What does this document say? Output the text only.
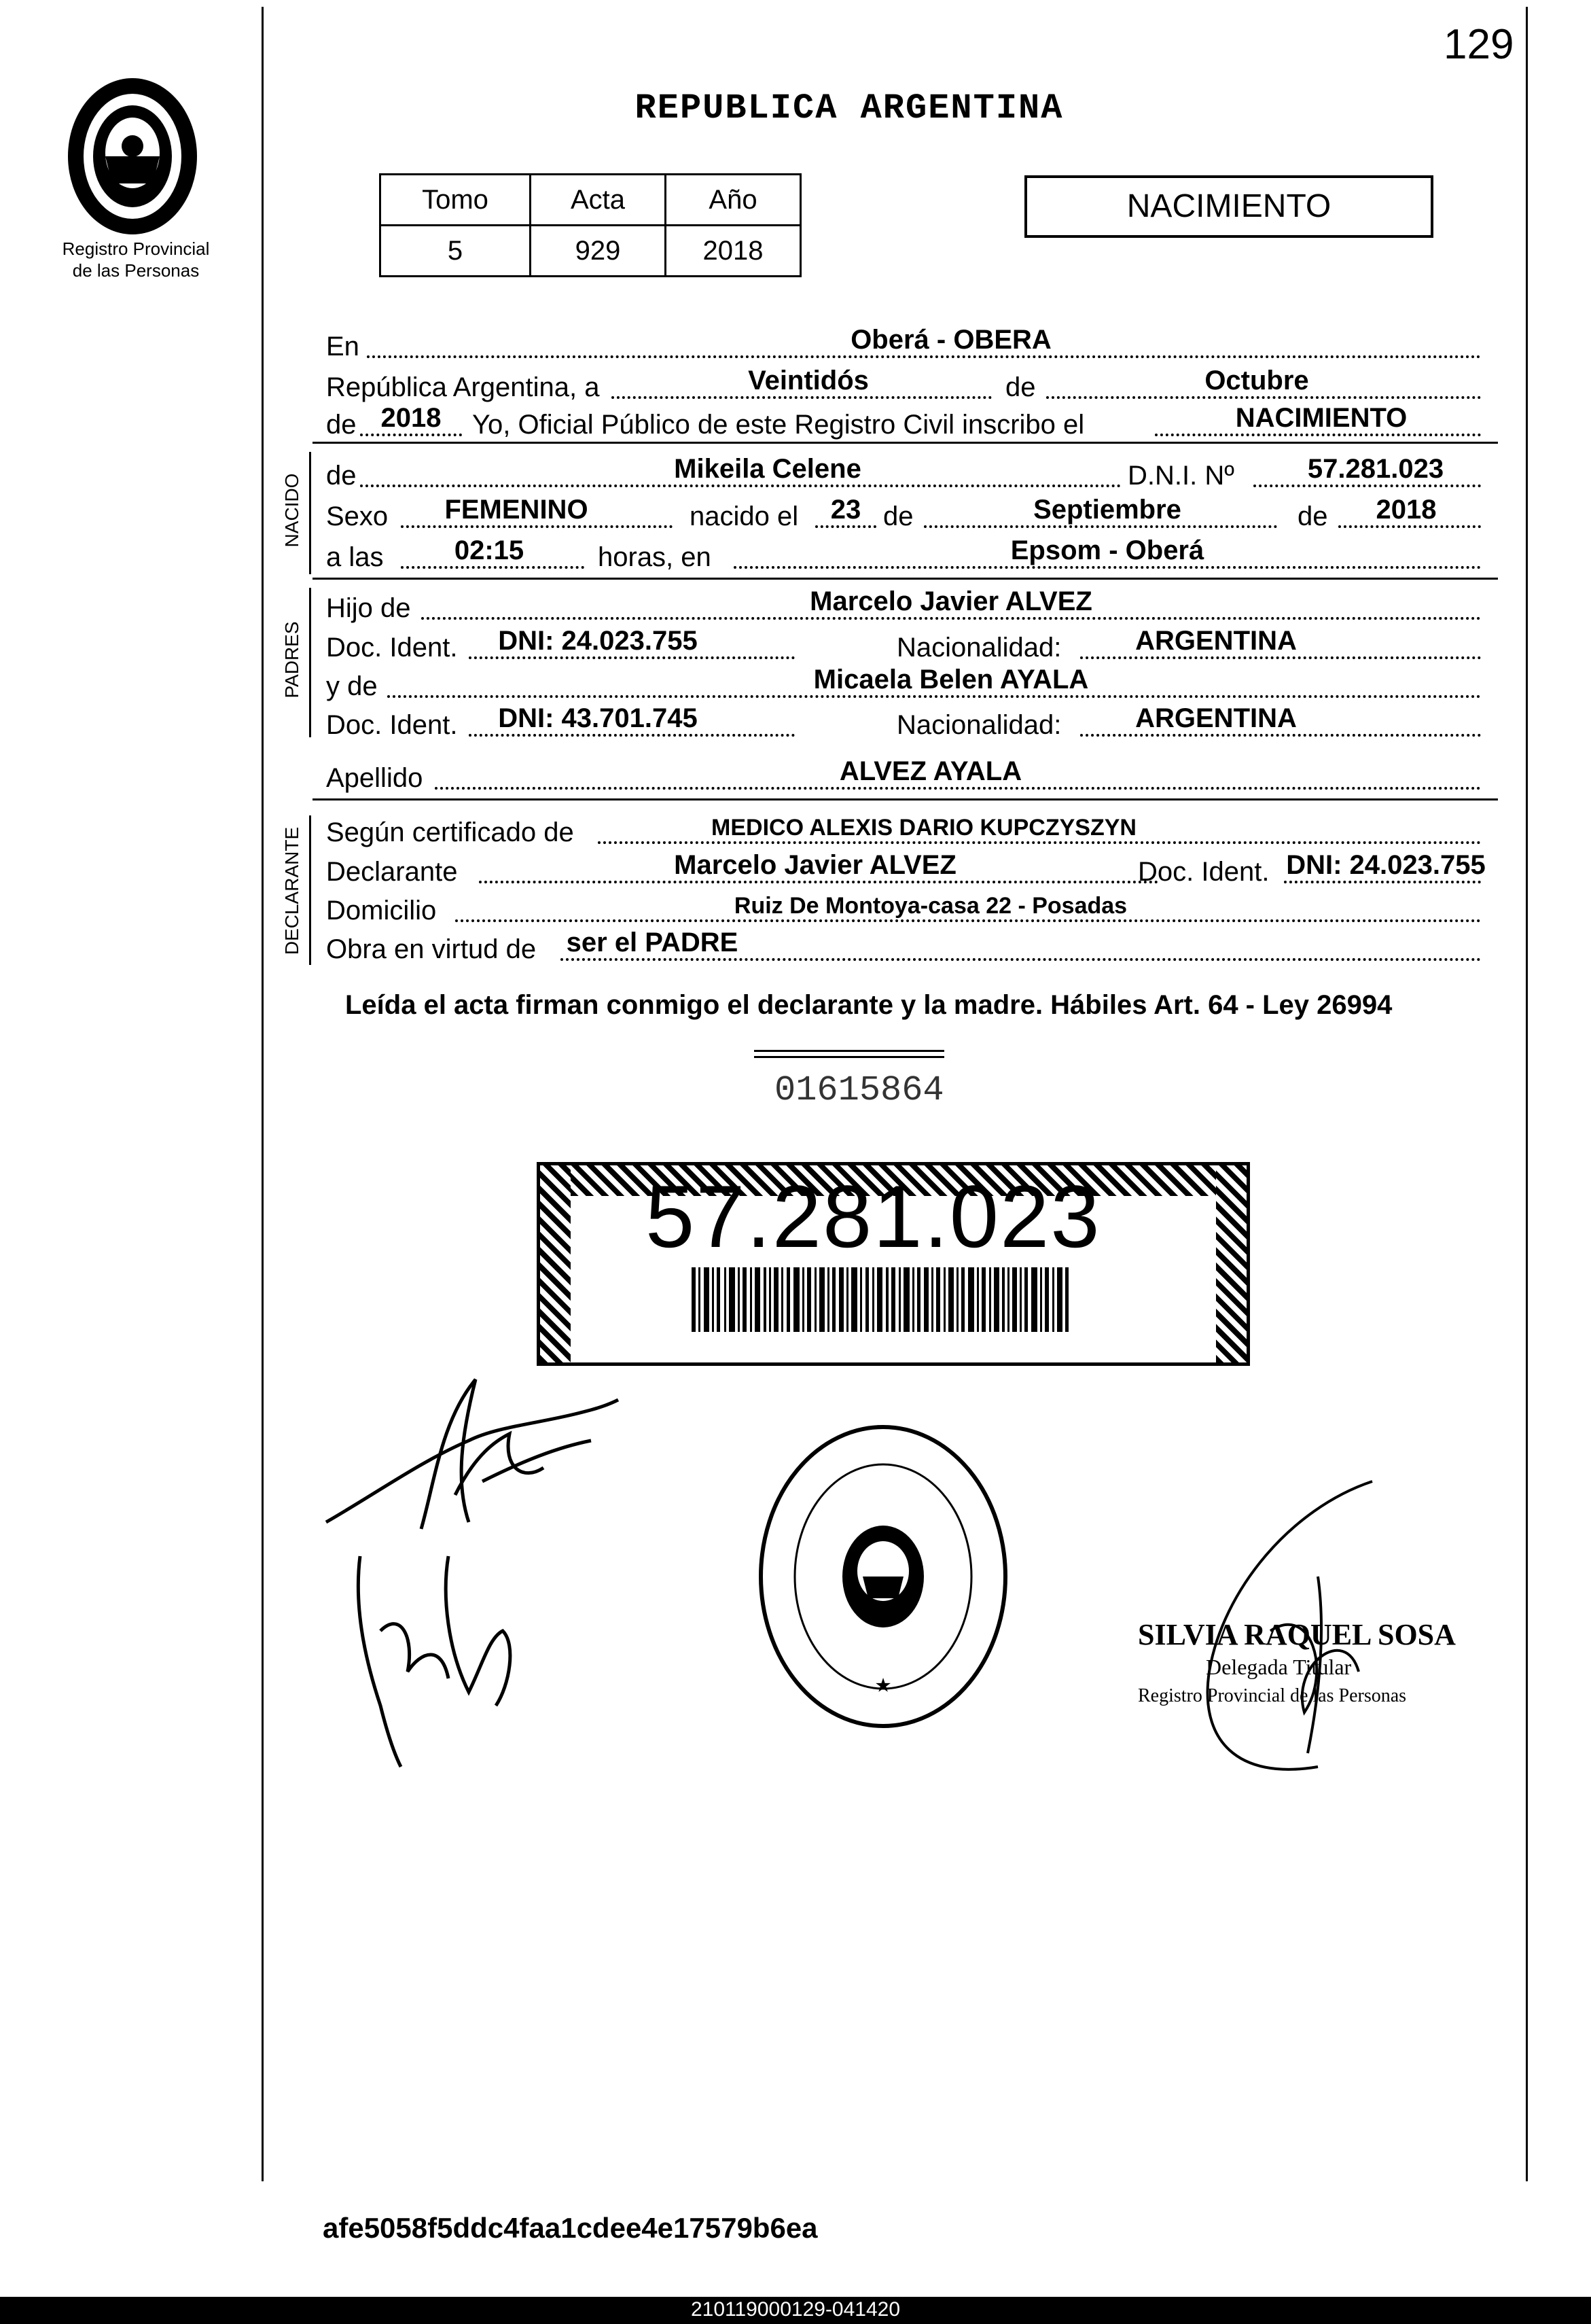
129
Registro Provincial
de las Personas
REPUBLICA ARGENTINA
Tomo	Acta	Año
5	929	2018
NACIMIENTO
En	Oberá - OBERA
República Argentina, a	Veintidós	de	Octubre
de 2018	Yo, Oficial Público de este Registro Civil inscribo el	NACIMIENTO
NACIDO de	Mikeila Celene	D.N.I. Nº	57.281.023
Sexo	FEMENINO	nacido el	23 de	Septiembre	de	2018
a las	02:15	horas, en	Epsom - Oberá
PADRES
Hijo de	Marcelo Javier ALVEZ
Doc. Ident.	DNI: 24.023.755	Nacionalidad:	ARGENTINA
y de	Micaela Belen AYALA
Doc. Ident.	DNI: 43.701.745	Nacionalidad:	ARGENTINA
Apellido	ALVEZ AYALA
DECLARANTE Según certificado de	MEDICO ALEXIS DARIO KUPCZYSZYN
Declarante	Marcelo Javier ALVEZ	Doc. Ident. DNI: 24.023.755
Domicilio	Ruiz De Montoya-casa 22 - Posadas
Obra en virtud de ser el PADRE
Leída el acta firman conmigo el declarante y la madre. Hábiles Art. 64 - Ley 26994
01615864
57.281.023
★
SILVIA RAQUEL SOSA
Delegada Titular
Registro Provincial de las Personas
afe5058f5ddc4faa1cdee4e17579b6ea
210119000129-041420
